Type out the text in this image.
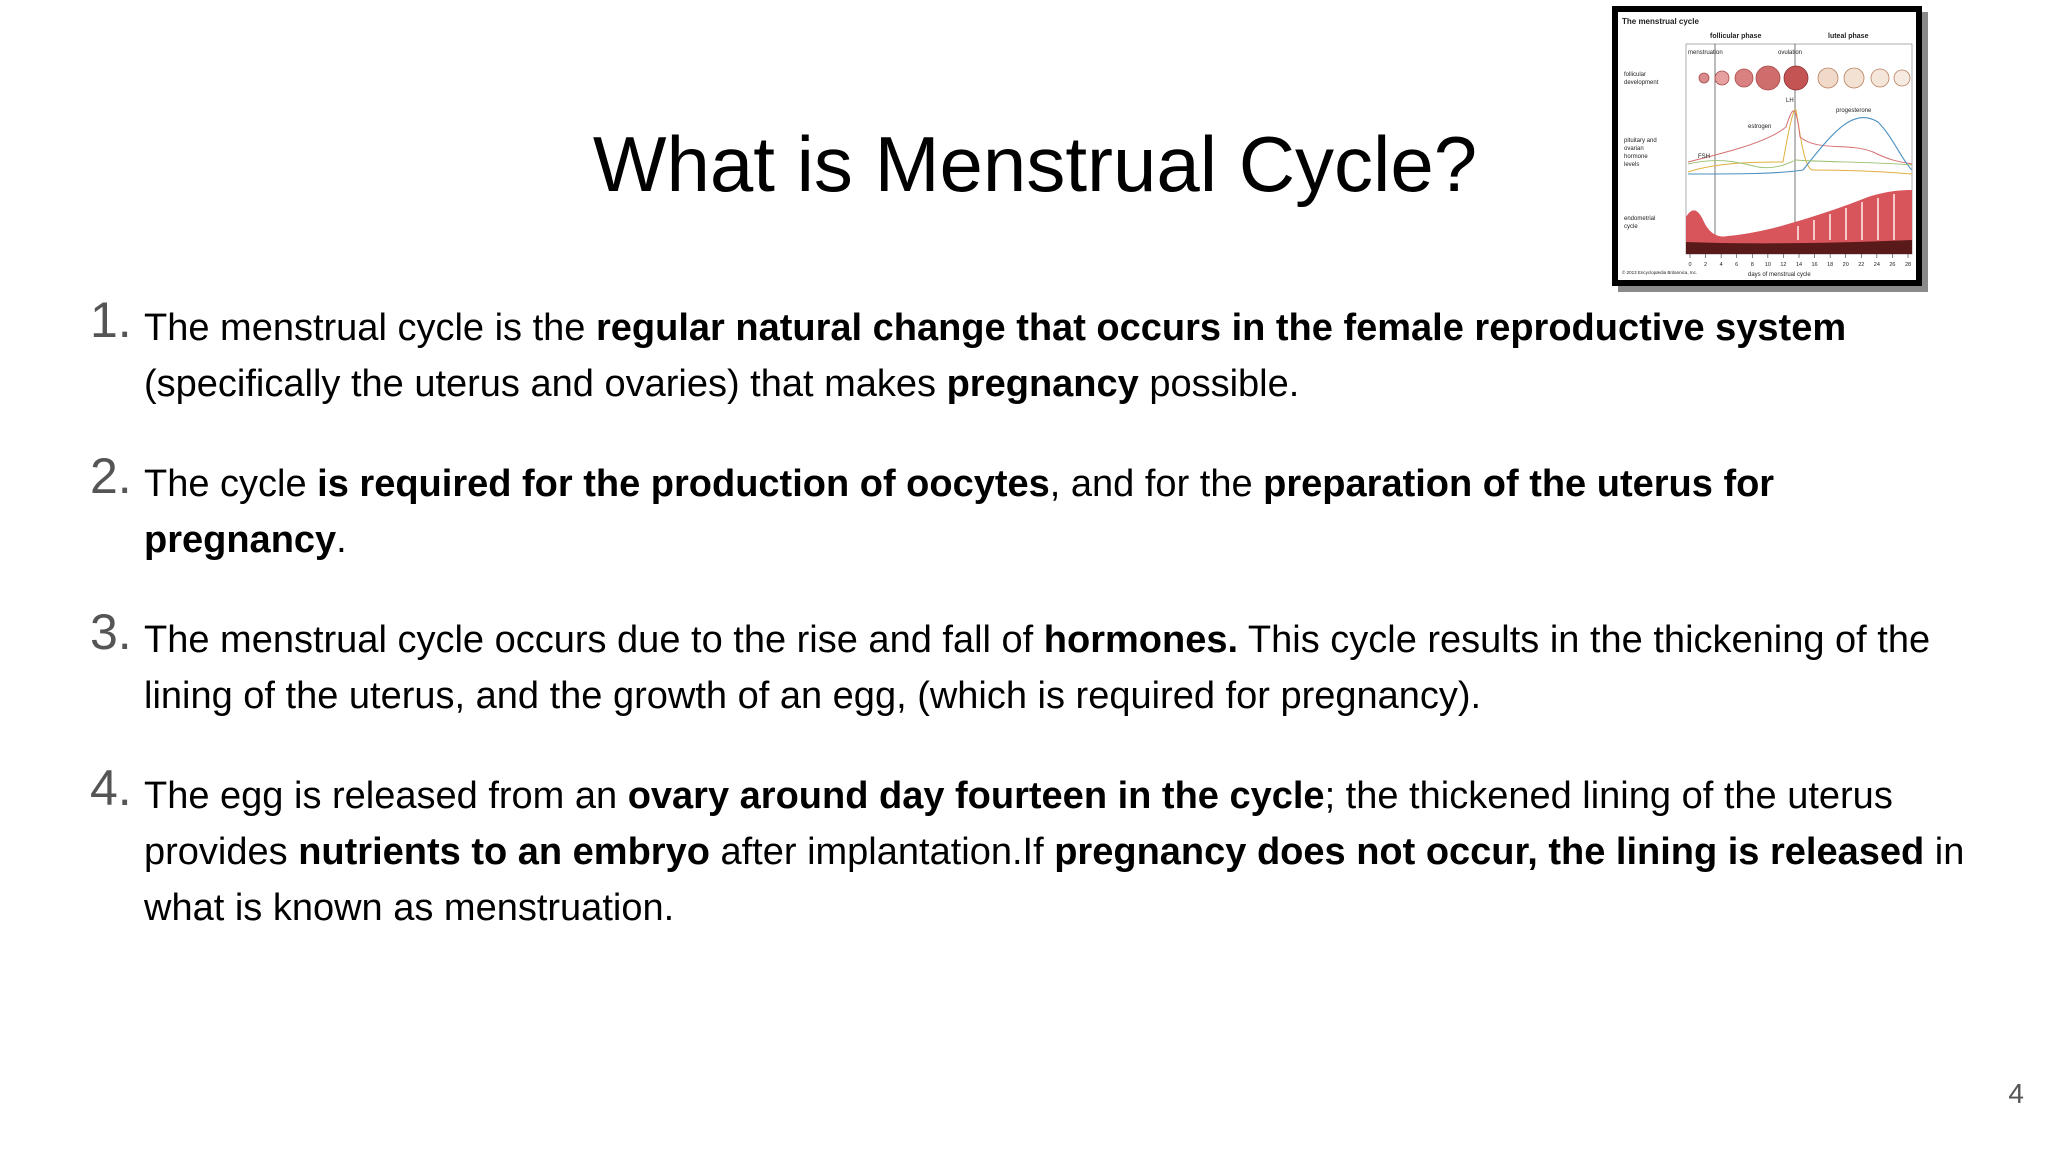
What is Menstrual Cycle?
The menstrual cycle
follicular phase	luteal phase
menstruation	ovulation
follicular
development
pituitary and
ovarian
hormone
levels
LH
estrogen
progesterone
FSH
endometrial
cycle
0 2 4 6 8 10 12 14 16 18 20 22 24 26 28
days of menstrual cycle
© 2013 Encyclopædia Britannica, Inc.
1. The menstrual cycle is the regular natural change that occurs in the female reproductive system (specifically the uterus and ovaries) that makes pregnancy possible.
2. The cycle is required for the production of oocytes, and for the preparation of the uterus for pregnancy.
3. The menstrual cycle occurs due to the rise and fall of hormones. This cycle results in the thickening of the lining of the uterus, and the growth of an egg, (which is required for pregnancy).
4. The egg is released from an ovary around day fourteen in the cycle; the thickened lining of the uterus provides nutrients to an embryo after implantation.If pregnancy does not occur, the lining is released in what is known as menstruation.
4
